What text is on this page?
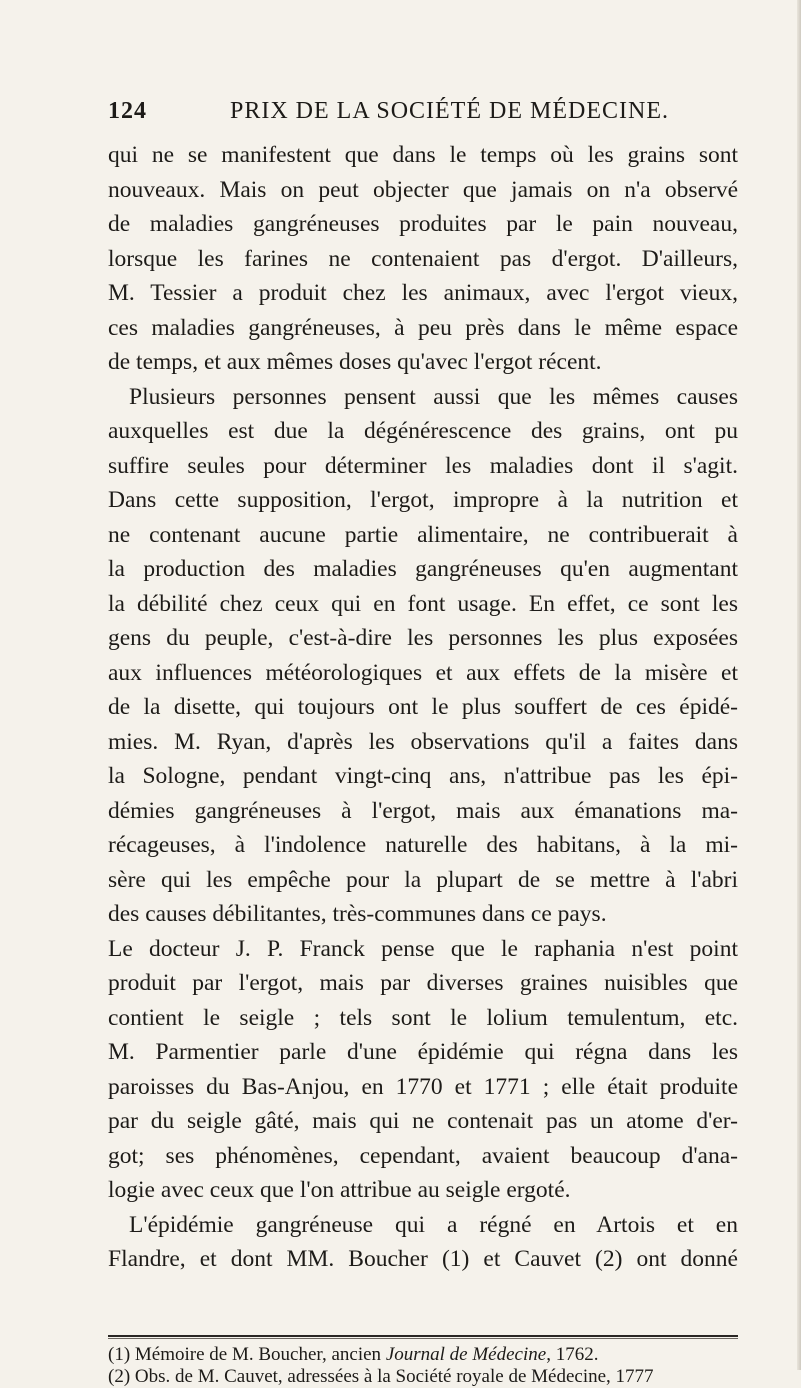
124	PRIX DE LA SOCIÉTÉ DE MÉDECINE.
qui ne se manifestent que dans le temps où les grains sont
nouveaux. Mais on peut objecter que jamais on n'a observé
de maladies gangréneuses produites par le pain nouveau,
lorsque les farines ne contenaient pas d'ergot. D'ailleurs,
M. Tessier a produit chez les animaux, avec l'ergot vieux,
ces maladies gangréneuses, à peu près dans le même espace
de temps, et aux mêmes doses qu'avec l'ergot récent.
Plusieurs personnes pensent aussi que les mêmes causes
auxquelles est due la dégénérescence des grains, ont pu
suffire seules pour déterminer les maladies dont il s'agit.
Dans cette supposition, l'ergot, impropre à la nutrition et
ne contenant aucune partie alimentaire, ne contribuerait à
la production des maladies gangréneuses qu'en augmentant
la débilité chez ceux qui en font usage. En effet, ce sont les
gens du peuple, c'est-à-dire les personnes les plus exposées
aux influences météorologiques et aux effets de la misère et
de la disette, qui toujours ont le plus souffert de ces épidé-
mies. M. Ryan, d'après les observations qu'il a faites dans
la Sologne, pendant vingt-cinq ans, n'attribue pas les épi-
démies gangréneuses à l'ergot, mais aux émanations ma-
récageuses, à l'indolence naturelle des habitans, à la mi-
sère qui les empêche pour la plupart de se mettre à l'abri
des causes débilitantes, très-communes dans ce pays.
Le docteur J. P. Franck pense que le raphania n'est point
produit par l'ergot, mais par diverses graines nuisibles que
contient le seigle ; tels sont le lolium temulentum, etc.
M. Parmentier parle d'une épidémie qui régna dans les
paroisses du Bas-Anjou, en 1770 et 1771 ; elle était produite
par du seigle gâté, mais qui ne contenait pas un atome d'er-
got; ses phénomènes, cependant, avaient beaucoup d'ana-
logie avec ceux que l'on attribue au seigle ergoté.
L'épidémie gangréneuse qui a régné en Artois et en
Flandre, et dont MM. Boucher (1) et Cauvet (2) ont donné
(1) Mémoire de M. Boucher, ancien Journal de Médecine, 1762.
(2) Obs. de M. Cauvet, adressées à la Société royale de Médecine, 1777
